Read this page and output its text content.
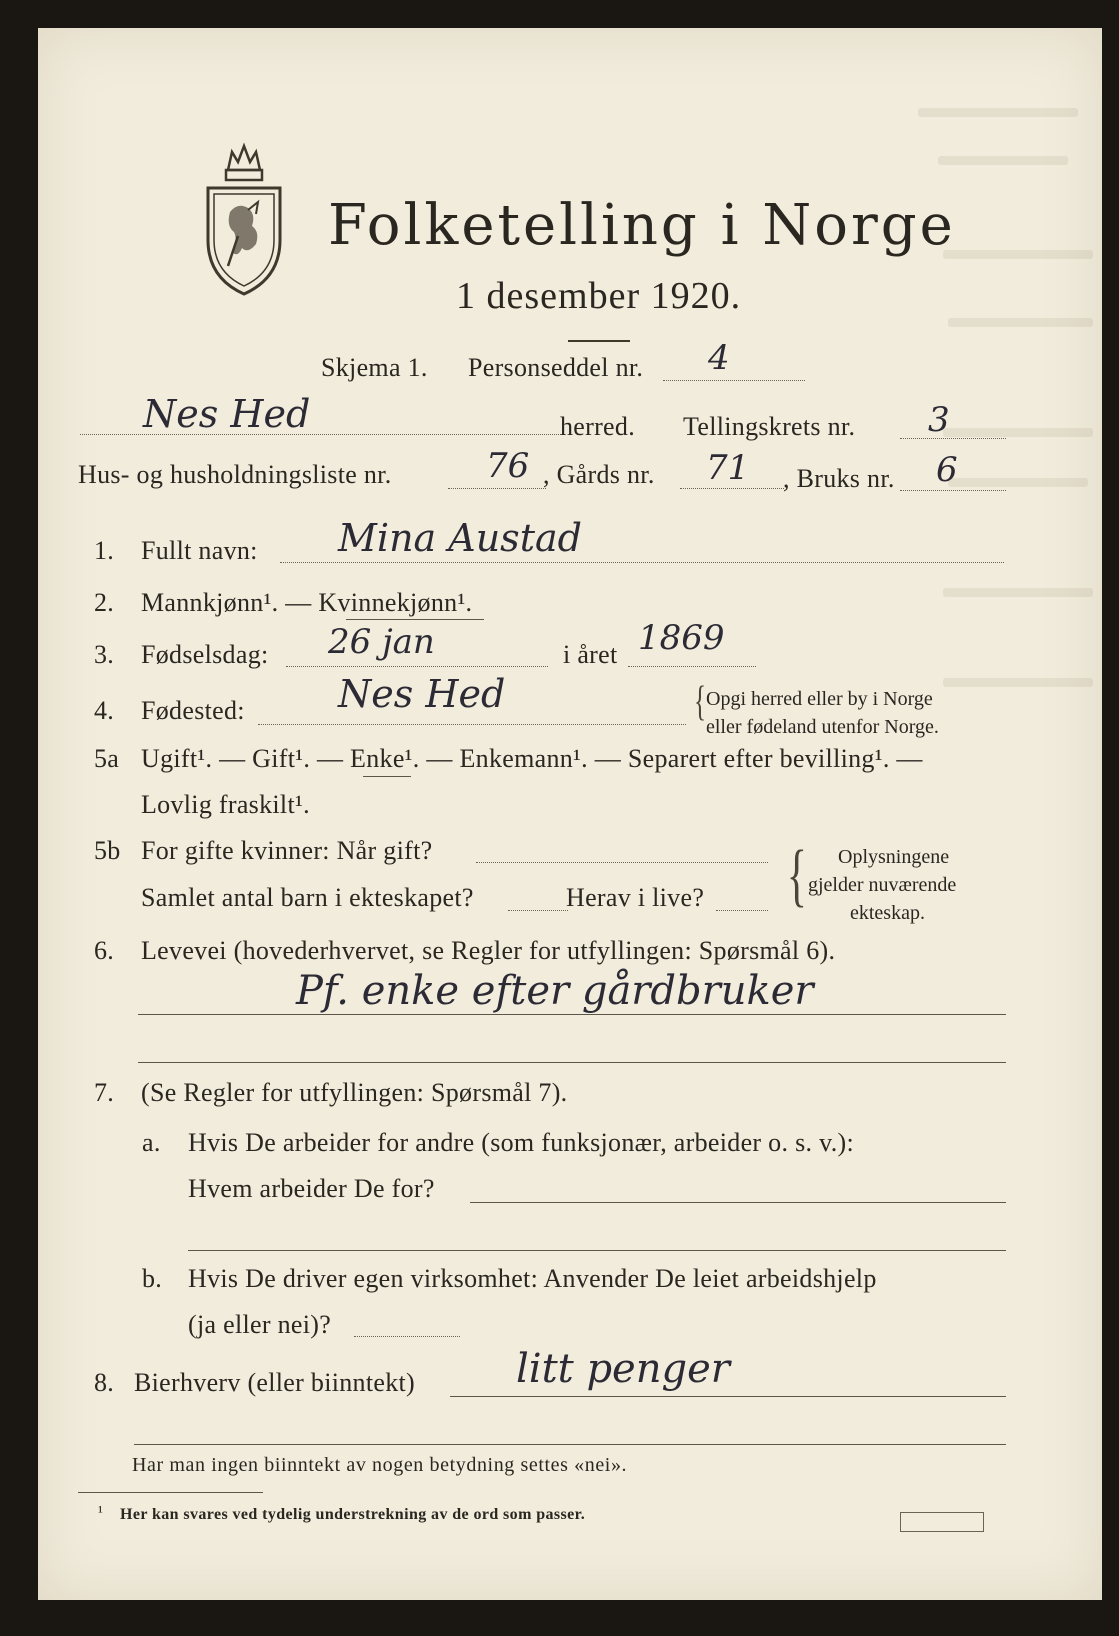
Folketelling i Norge
1 desember 1920.
Skjema 1. Personseddel nr. 4
Nes Hed	herred. Tellingskrets nr. 3
Hus- og husholdningsliste nr.	76 , Gårds nr. 71 , Bruks nr. 6
1. Fullt navn: Mina Austad
2. Mannkjønn¹. — Kvinnekjønn¹.
3. Fødselsdag: 26 jan	i året 1869
4. Fødested: Nes Hed	{ Opgi herred eller by i Norge
eller fødeland utenfor Norge.
5a Ugift¹. — Gift¹. — Enke¹. — Enkemann¹. — Separert efter bevilling¹. —
Lovlig fraskilt¹.
5b For gifte kvinner: Når gift?
Samlet antal barn i ekteskapet?	Herav i live? { Oplysningene
gjelder nuværende
ekteskap.
6. Levevei (hovederhvervet, se Regler for utfyllingen: Spørsmål 6).
Pf. enke efter gårdbruker
7. (Se Regler for utfyllingen: Spørsmål 7).
a. Hvis De arbeider for andre (som funksjonær, arbeider o. s. v.):
Hvem arbeider De for?
b. Hvis De driver egen virksomhet: Anvender De leiet arbeidshjelp
(ja eller nei)?
8. Bierhverv (eller biinntekt)	litt penger
Har man ingen biinntekt av nogen betydning settes «nei».
¹ Her kan svares ved tydelig understrekning av de ord som passer.
